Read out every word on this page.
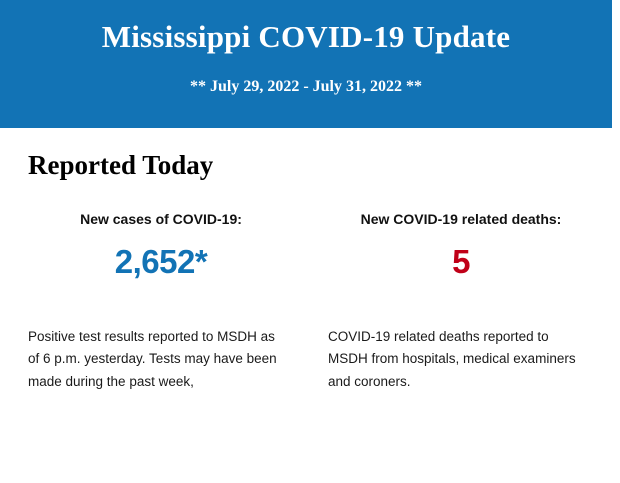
Mississippi COVID-19 Update

** July 29, 2022 - July 31, 2022 **

Reported Today

New cases of COVID-19:

2,652*

New COVID-19 related deaths:

5

Positive test results reported to MSDH as of 6 p.m. yesterday. Tests may have been made during the past week,
COVID-19 related deaths reported to MSDH from hospitals, medical examiners and coroners.
